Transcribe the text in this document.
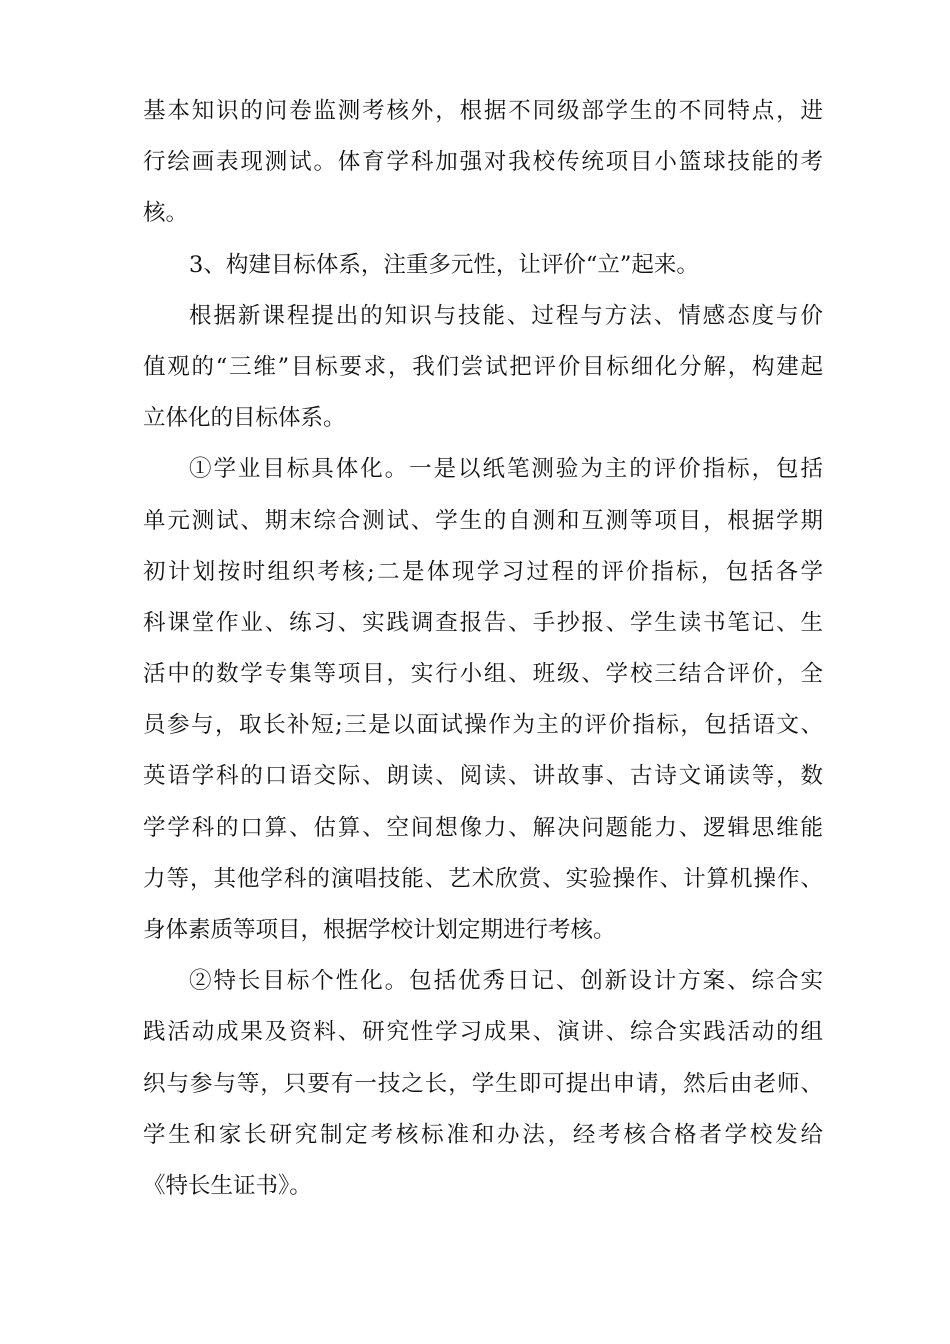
基本知识的问卷监测考核外，根据不同级部学生的不同特点，进
行绘画表现测试。体育学科加强对我校传统项目小篮球技能的考
核。
3、构建目标体系，注重多元性，让评价“立”起来。
根据新课程提出的知识与技能、过程与方法、情感态度与价
值观的“三维”目标要求，我们尝试把评价目标细化分解，构建起
立体化的目标体系。
①学业目标具体化。一是以纸笔测验为主的评价指标，包括
单元测试、期末综合测试、学生的自测和互测等项目，根据学期
初计划按时组织考核;二是体现学习过程的评价指标，包括各学
科课堂作业、练习、实践调查报告、手抄报、学生读书笔记、生
活中的数学专集等项目，实行小组、班级、学校三结合评价，全
员参与，取长补短;三是以面试操作为主的评价指标，包括语文、
英语学科的口语交际、朗读、阅读、讲故事、古诗文诵读等，数
学学科的口算、估算、空间想像力、解决问题能力、逻辑思维能
力等，其他学科的演唱技能、艺术欣赏、实验操作、计算机操作、
身体素质等项目，根据学校计划定期进行考核。
②特长目标个性化。包括优秀日记、创新设计方案、综合实
践活动成果及资料、研究性学习成果、演讲、综合实践活动的组
织与参与等，只要有一技之长，学生即可提出申请，然后由老师、
学生和家长研究制定考核标准和办法，经考核合格者学校发给
《特长生证书》。
